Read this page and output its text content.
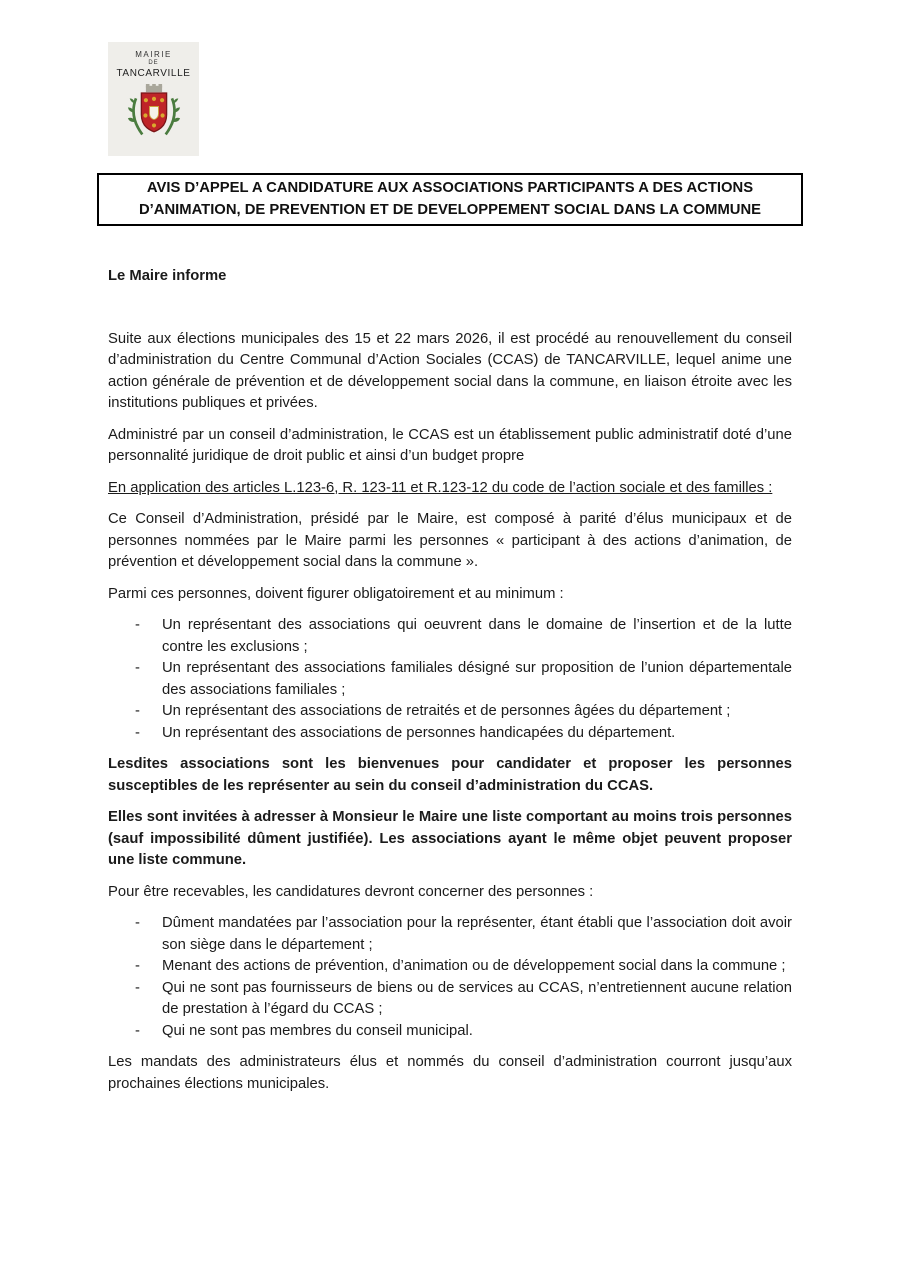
MAIRIE
DE
TANCARVILLE
AVIS D’APPEL A CANDIDATURE AUX ASSOCIATIONS PARTICIPANTS A DES ACTIONS D’ANIMATION, DE PREVENTION ET DE DEVELOPPEMENT SOCIAL DANS LA COMMUNE
Le Maire informe

Suite aux élections municipales des 15 et 22 mars 2026, il est procédé au renouvellement du conseil d’administration du Centre Communal d’Action Sociales (CCAS) de TANCARVILLE, lequel anime une action générale de prévention et de développement social dans la commune, en liaison étroite avec les institutions publiques et privées.

Administré par un conseil d’administration, le CCAS est un établissement public administratif doté d’une personnalité juridique de droit public et ainsi d’un budget propre

En application des articles L.123-6, R. 123-11 et R.123-12 du code de l’action sociale et des familles :

Ce Conseil d’Administration, présidé par le Maire, est composé à parité d’élus municipaux et de personnes nommées par le Maire parmi les personnes « participant à des actions d’animation, de prévention et développement social dans la commune ».

Parmi ces personnes, doivent figurer obligatoirement et au minimum :

-	Un représentant des associations qui oeuvrent dans le domaine de l’insertion et de la lutte contre les exclusions ;
-	Un représentant des associations familiales désigné sur proposition de l’union départementale des associations familiales ;
-	Un représentant des associations de retraités et de personnes âgées du département ;
-	Un représentant des associations de personnes handicapées du département.

Lesdites associations sont les bienvenues pour candidater et proposer les personnes susceptibles de les représenter au sein du conseil d’administration du CCAS.

Elles sont invitées à adresser à Monsieur le Maire une liste comportant au moins trois personnes (sauf impossibilité dûment justifiée). Les associations ayant le même objet peuvent proposer une liste commune.

Pour être recevables, les candidatures devront concerner des personnes :

-	Dûment mandatées par l’association pour la représenter, étant établi que l’association doit avoir son siège dans le département ;
-	Menant des actions de prévention, d’animation ou de développement social dans la commune ;
-	Qui ne sont pas fournisseurs de biens ou de services au CCAS, n’entretiennent aucune relation de prestation à l’égard du CCAS ;
-	Qui ne sont pas membres du conseil municipal.

Les mandats des administrateurs élus et nommés du conseil d’administration courront jusqu’aux prochaines élections municipales.
